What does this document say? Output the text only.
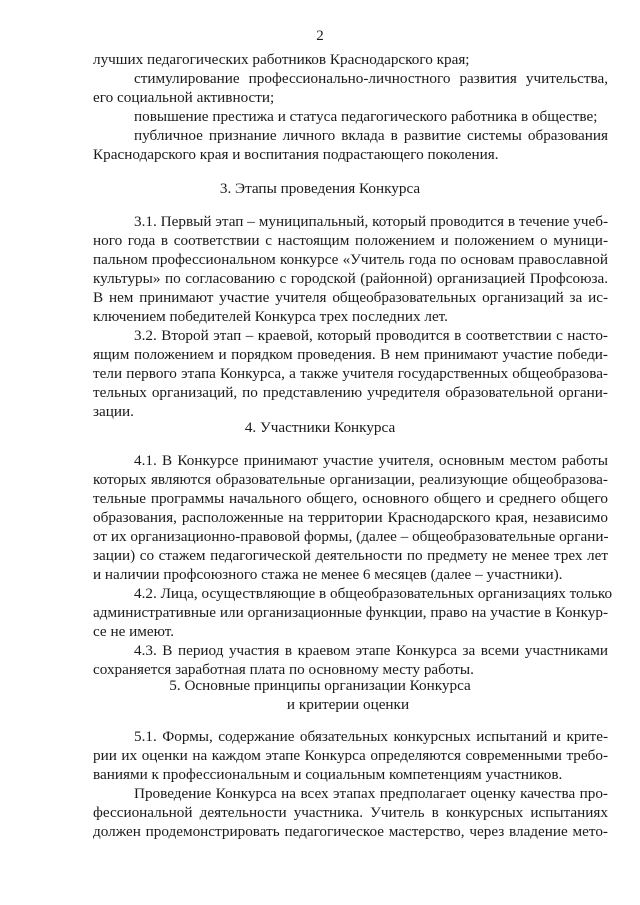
2
лучших педагогических работников Краснодарского края;
стимулирование профессионально-личностного развития учительства,
его социальной активности;
повышение престижа и статуса педагогического работника в обществе;
публичное признание личного вклада в развитие системы образования
Краснодарского края и воспитания подрастающего поколения.
3. Этапы проведения Конкурса
3.1. Первый этап – муниципальный, который проводится в течение учеб-
ного года в соответствии с настоящим положением и положением о муници-
пальном профессиональном конкурсе «Учитель года по основам православной
культуры» по согласованию с городской (районной) организацией Профсоюза.
В нем принимают участие учителя общеобразовательных организаций за ис-
ключением победителей Конкурса трех последних лет.
3.2. Второй этап – краевой, который проводится в соответствии с насто-
ящим положением и порядком проведения. В нем принимают участие победи-
тели первого этапа Конкурса, а также учителя государственных общеобразова-
тельных организаций, по представлению учредителя образовательной органи-
зации.
4. Участники Конкурса
4.1. В Конкурсе принимают участие учителя, основным местом работы
которых являются образовательные организации, реализующие общеобразова-
тельные программы начального общего, основного общего и среднего общего
образования, расположенные на территории Краснодарского края, независимо
от их организационно-правовой формы, (далее – общеобразовательные органи-
зации) со стажем педагогической деятельности по предмету не менее трех лет
и наличии профсоюзного стажа не менее 6 месяцев (далее – участники).
4.2. Лица, осуществляющие в общеобразовательных организациях только
административные или организационные функции, право на участие в Конкур-
се не имеют.
4.3. В период участия в краевом этапе Конкурса за всеми участниками
сохраняется заработная плата по основному месту работы.
5. Основные принципы организации Конкурса
и критерии оценки
5.1. Формы, содержание обязательных конкурсных испытаний и крите-
рии их оценки на каждом этапе Конкурса определяются современными требо-
ваниями к профессиональным и социальным компетенциям участников.
Проведение Конкурса на всех этапах предполагает оценку качества про-
фессиональной деятельности участника. Учитель в конкурсных испытаниях
должен продемонстрировать педагогическое мастерство, через владение мето-
